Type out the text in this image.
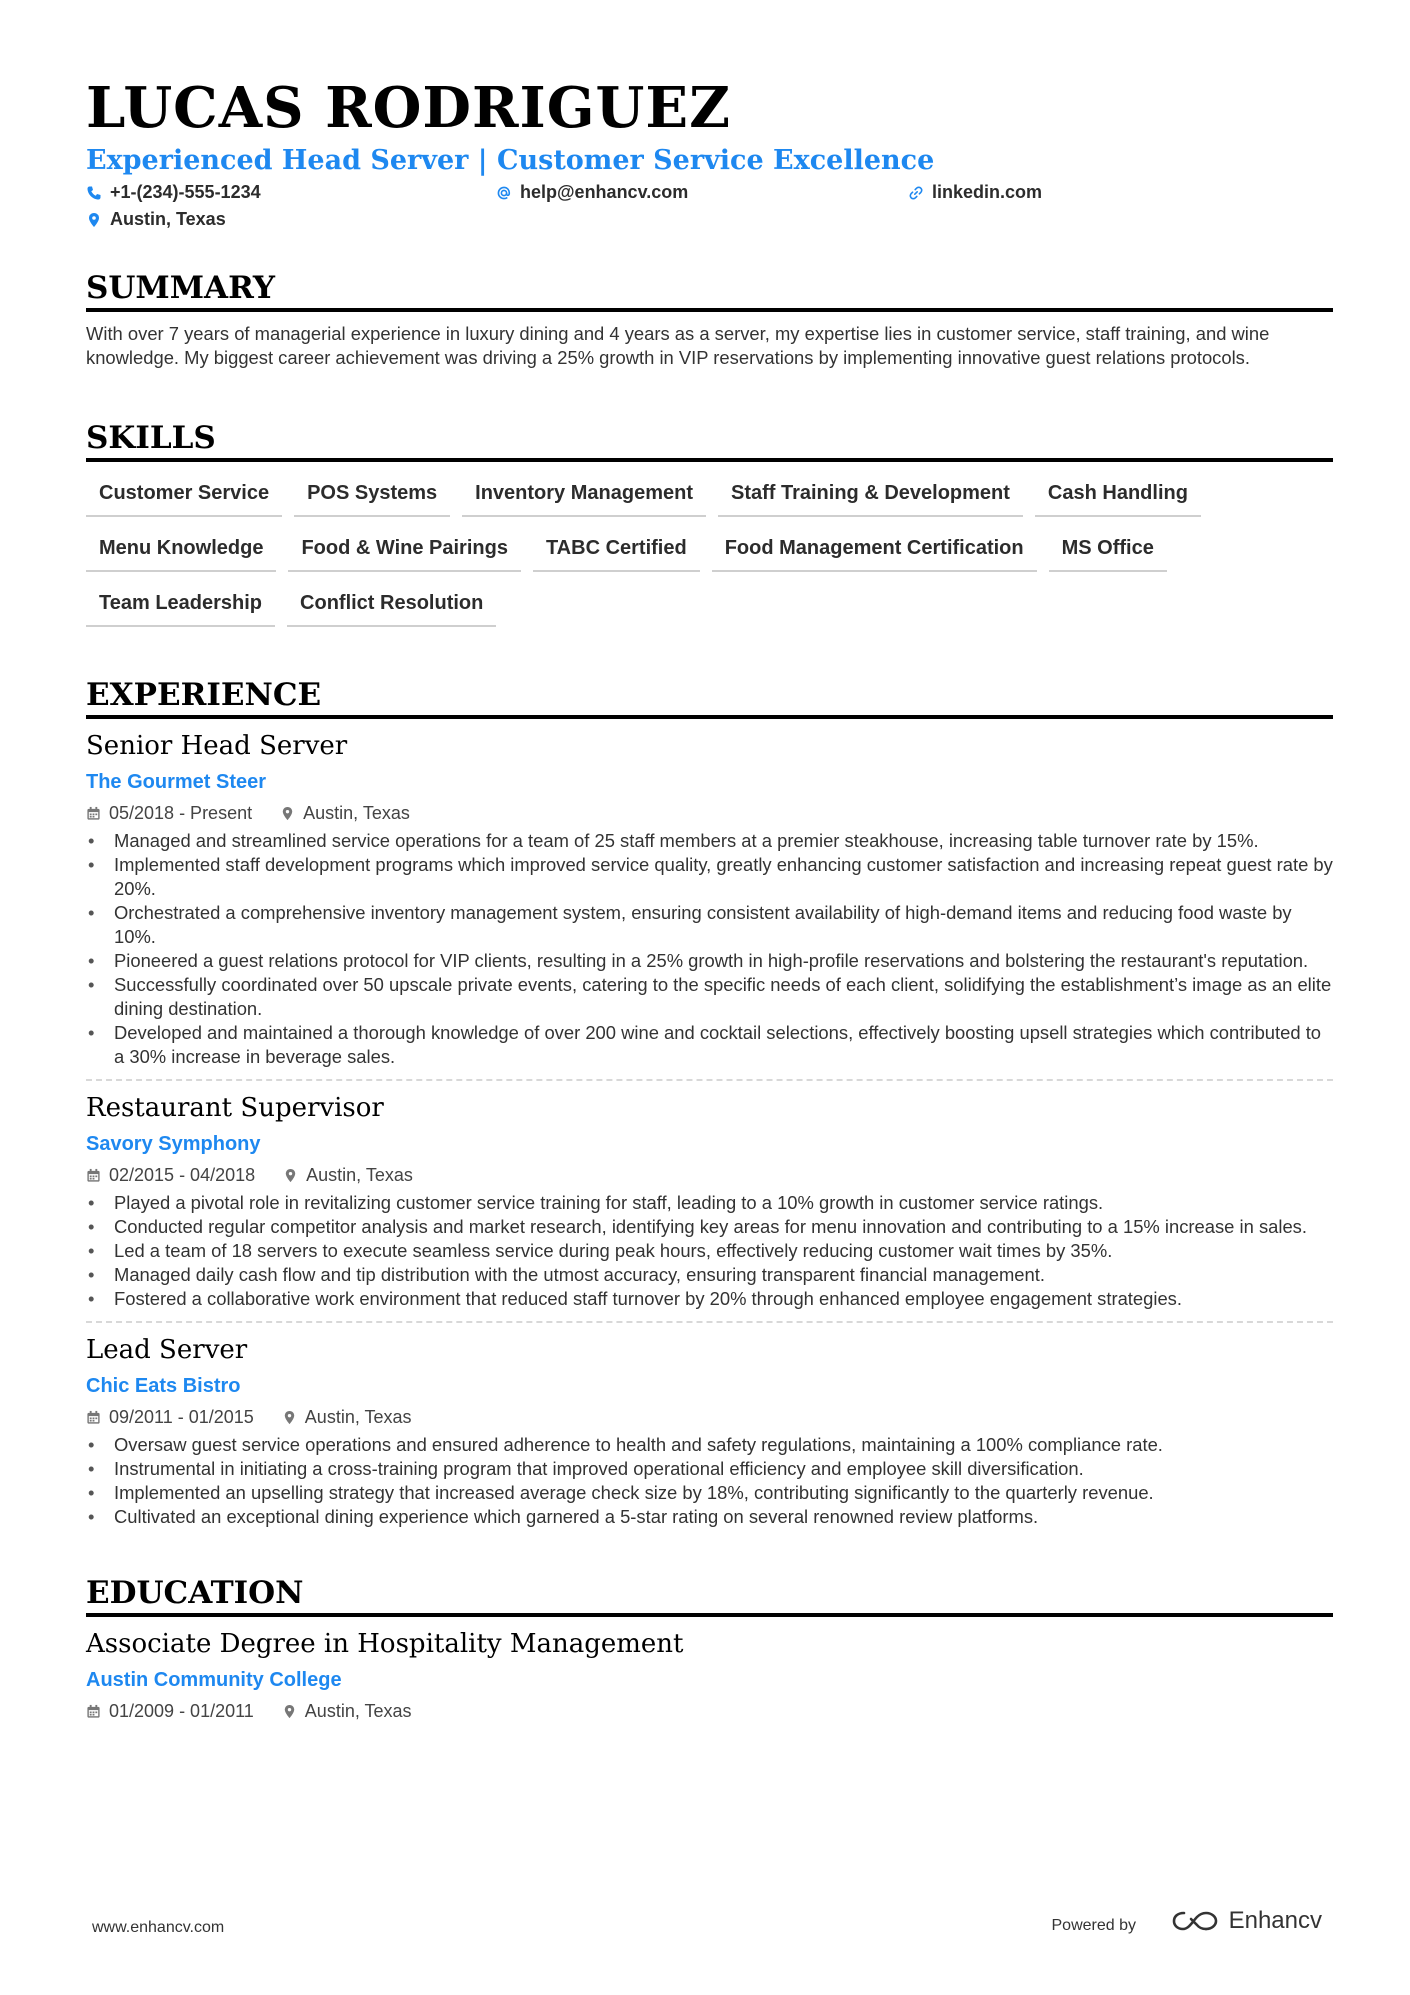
LUCAS RODRIGUEZ
Experienced Head Server | Customer Service Excellence
+1-(234)-555-1234	help@enhancv.com	linkedin.com
Austin, Texas
SUMMARY

With over 7 years of managerial experience in luxury dining and 4 years as a server, my expertise lies in customer service, staff training, and wine knowledge. My biggest career achievement was driving a 25% growth in VIP reservations by implementing innovative guest relations protocols.

SKILLS
Customer Service	POS Systems	Inventory Management	Staff Training & Development	Cash Handling
Menu Knowledge	Food & Wine Pairings	TABC Certified	Food Management Certification	MS Office
Team Leadership	Conflict Resolution
EXPERIENCE
Senior Head Server
The Gourmet Steer
05/2018 - Present	Austin, Texas
• Managed and streamlined service operations for a team of 25 staff members at a premier steakhouse, increasing table turnover rate by 15%.
• Implemented staff development programs which improved service quality, greatly enhancing customer satisfaction and increasing repeat guest rate by 20%.
• Orchestrated a comprehensive inventory management system, ensuring consistent availability of high-demand items and reducing food waste by 10%.
• Pioneered a guest relations protocol for VIP clients, resulting in a 25% growth in high-profile reservations and bolstering the restaurant's reputation.
• Successfully coordinated over 50 upscale private events, catering to the specific needs of each client, solidifying the establishment’s image as an elite dining destination.
• Developed and maintained a thorough knowledge of over 200 wine and cocktail selections, effectively boosting upsell strategies which contributed to a 30% increase in beverage sales.
Restaurant Supervisor
Savory Symphony
02/2015 - 04/2018	Austin, Texas
• Played a pivotal role in revitalizing customer service training for staff, leading to a 10% growth in customer service ratings.
• Conducted regular competitor analysis and market research, identifying key areas for menu innovation and contributing to a 15% increase in sales.
• Led a team of 18 servers to execute seamless service during peak hours, effectively reducing customer wait times by 35%.
• Managed daily cash flow and tip distribution with the utmost accuracy, ensuring transparent financial management.
• Fostered a collaborative work environment that reduced staff turnover by 20% through enhanced employee engagement strategies.
Lead Server
Chic Eats Bistro
09/2011 - 01/2015	Austin, Texas
• Oversaw guest service operations and ensured adherence to health and safety regulations, maintaining a 100% compliance rate.
• Instrumental in initiating a cross-training program that improved operational efficiency and employee skill diversification.
• Implemented an upselling strategy that increased average check size by 18%, contributing significantly to the quarterly revenue.
• Cultivated an exceptional dining experience which garnered a 5-star rating on several renowned review platforms.
EDUCATION
Associate Degree in Hospitality Management
Austin Community College
01/2009 - 01/2011	Austin, Texas
www.enhancv.com	Powered by	Enhancv
